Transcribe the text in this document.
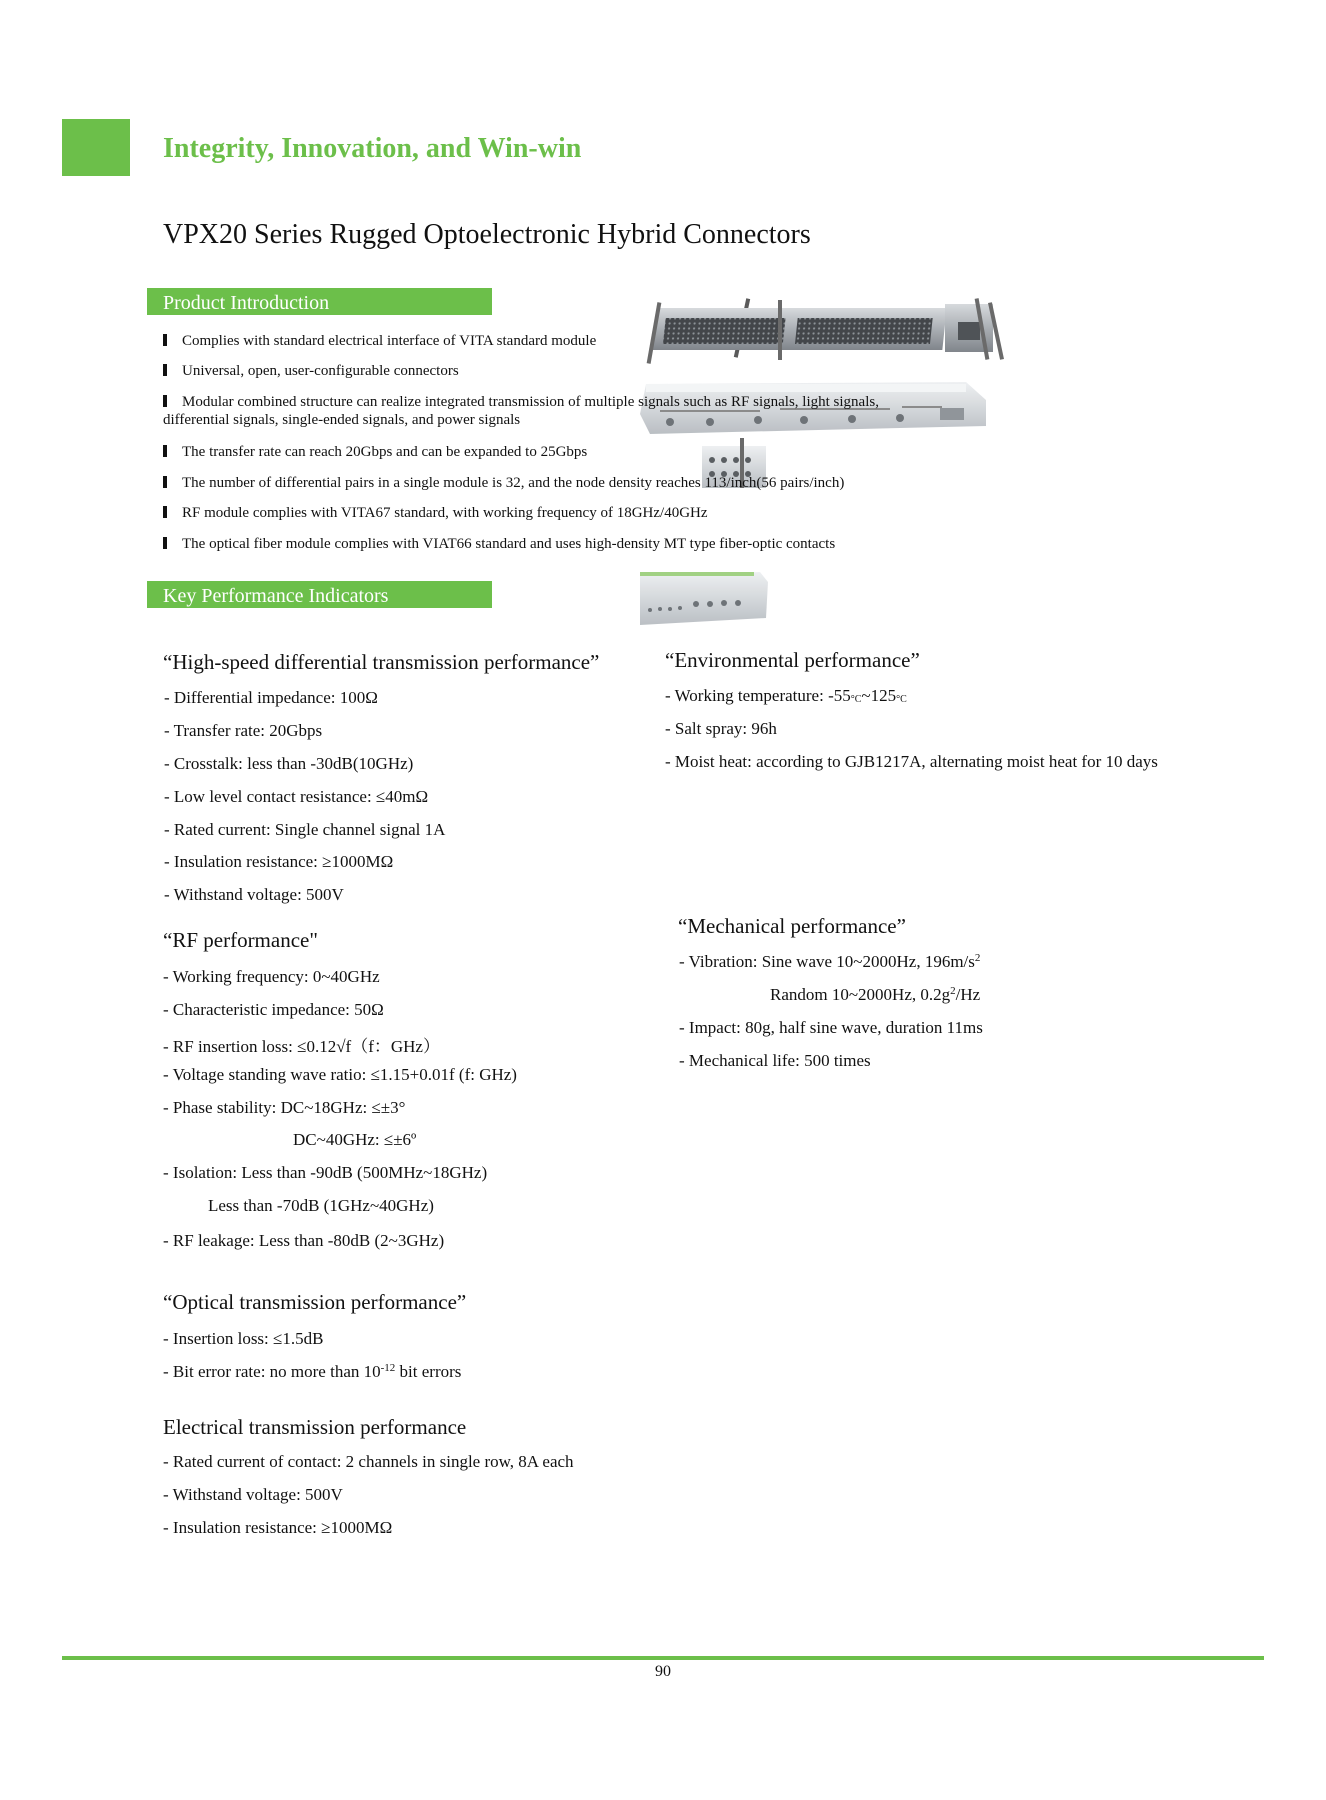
Integrity, Innovation, and Win-win
VPX20 Series Rugged Optoelectronic Hybrid Connectors
Product Introduction
Complies with standard electrical interface of VITA standard module
Universal, open, user-configurable connectors
Modular combined structure can realize integrated transmission of multiple signals such as RF signals, light signals,
differential signals, single-ended signals, and power signals
The transfer rate can reach 20Gbps and can be expanded to 25Gbps
The number of differential pairs in a single module is 32, and the node density reaches 113/inch(56 pairs/inch)
RF module complies with VITA67 standard, with working frequency of 18GHz/40GHz
The optical fiber module complies with VIAT66 standard and uses high-density MT type fiber-optic contacts
Key Performance Indicators
“High-speed differential transmission performance”
- Differential impedance: 100Ω
- Transfer rate: 20Gbps
- Crosstalk: less than -30dB(10GHz)
- Low level contact resistance: ≤40mΩ
- Rated current: Single channel signal 1A
- Insulation resistance: ≥1000MΩ
- Withstand voltage: 500V
“Environmental performance”
- Working temperature: $-55_{^\circ C}\sim 125_{^\circ C}$
- Salt spray: 96h
- Moist heat: according to GJB1217A, alternating moist heat for 10 days
“RF performance"
- Working frequency: 0~40GHz
- Characteristic impedance: 50Ω
- RF insertion loss: ≤0.12√f（f：GHz）
- Voltage standing wave ratio: ≤1.15+0.01f (f: GHz)
- Phase stability: DC~18GHz: ≤±3°
DC~40GHz: ≤±6º
- Isolation: Less than -90dB (500MHz~18GHz)
Less than -70dB (1GHz~40GHz)
- RF leakage: Less than -80dB (2~3GHz)
“Mechanical performance”
- Vibration: Sine wave 10~2000Hz, $196m/s^2$
Random 10~2000Hz, $0.2g^2/Hz$
- Impact: 80g, half sine wave, duration 11ms
- Mechanical life: 500 times
“Optical transmission performance”
- Insertion loss: ≤1.5dB
- Bit error rate: no more than $10^{-12}$ bit errors
Electrical transmission performance
- Rated current of contact: 2 channels in single row, 8A each
- Withstand voltage: 500V
- Insulation resistance: ≥1000MΩ
90
